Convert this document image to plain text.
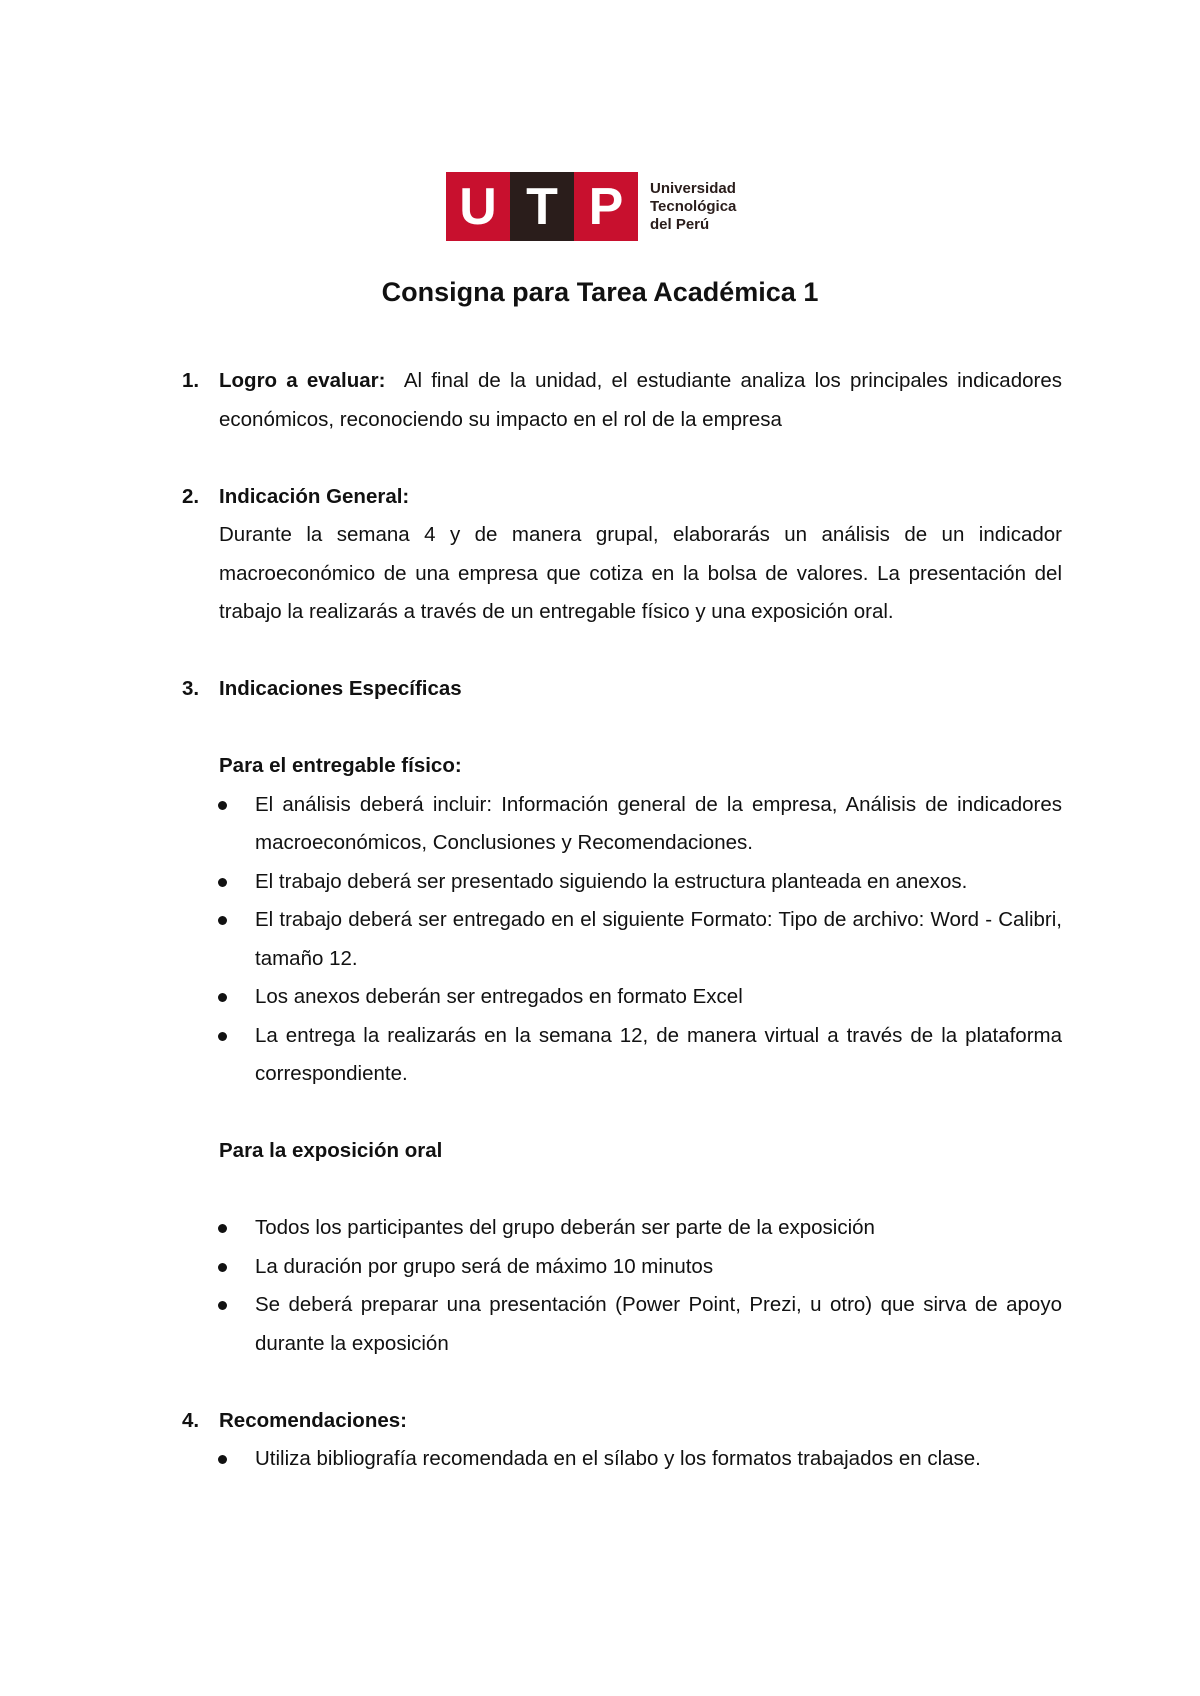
U T P	Universidad
Tecnológica
del Perú
Consigna para Tarea Académica 1
1. Logro a evaluar: Al final de la unidad, el estudiante analiza los principales indicadores económicos, reconociendo su impacto en el rol de la empresa
2. Indicación General:
Durante la semana 4 y de manera grupal, elaborarás un análisis de un indicador macroeconómico de una empresa que cotiza en la bolsa de valores. La presentación del trabajo la realizarás a través de un entregable físico y una exposición oral.
3. Indicaciones Específicas
Para el entregable físico:

El análisis deberá incluir: Información general de la empresa, Análisis de indicadores macroeconómicos, Conclusiones y Recomendaciones.

El trabajo deberá ser presentado siguiendo la estructura planteada en anexos.

El trabajo deberá ser entregado en el siguiente Formato: Tipo de archivo: Word - Calibri, tamaño 12.

Los anexos deberán ser entregados en formato Excel

La entrega la realizarás en la semana 12, de manera virtual a través de la plataforma correspondiente.

Para la exposición oral

Todos los participantes del grupo deberán ser parte de la exposición

La duración por grupo será de máximo 10 minutos

Se deberá preparar una presentación (Power Point, Prezi, u otro) que sirva de apoyo durante la exposición

4. Recomendaciones:

Utiliza bibliografía recomendada en el sílabo y los formatos trabajados en clase.
